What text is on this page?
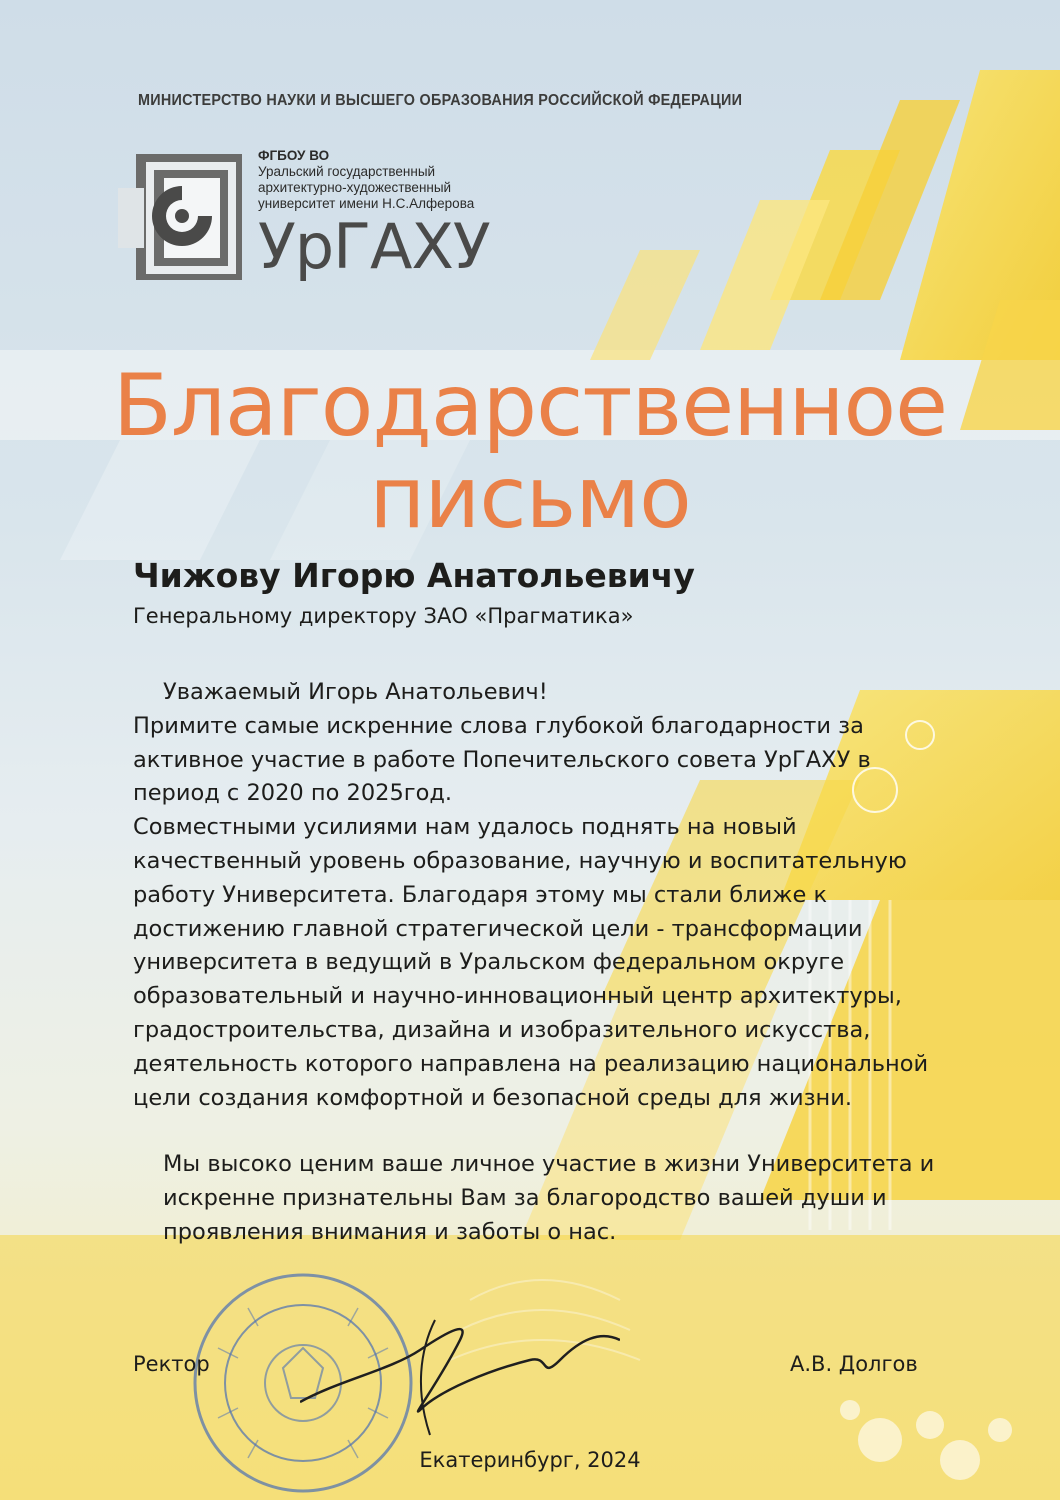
МИНИСТЕРСТВО НАУКИ И ВЫСШЕГО ОБРАЗОВАНИЯ РОССИЙСКОЙ ФЕДЕРАЦИИ
ФГБОУ ВО
Уральский государственный
архитектурно-художественный
университет имени Н.С.Алферова
УрГАХУ
Благодарственное
письмо
Чижову Игорю Анатольевичу
Генеральному директору ЗАО «Прагматика»

Уважаемый Игорь Анатольевич!

Примите самые искренние слова глубокой благодарности за активное участие в работе Попечительского совета УрГАХУ в период с 2020 по 2025год.

Совместными усилиями нам удалось поднять на новый качественный уровень образование, научную и воспитательную работу Университета. Благодаря этому мы стали ближе к достижению главной стратегической цели - трансформации университета в ведущий в Уральском федеральном округе образовательный и научно-инновационный центр архитектуры, градостроительства, дизайна и изобразительного искусства, деятельность которого направлена на реализацию национальной цели создания комфортной и безопасной среды для жизни.

Мы высоко ценим ваше личное участие в жизни Университета и искренне признательны Вам за благородство вашей души и проявления внимания и заботы о нас.

Ректор	А.В. Долгов
Екатеринбург, 2024
